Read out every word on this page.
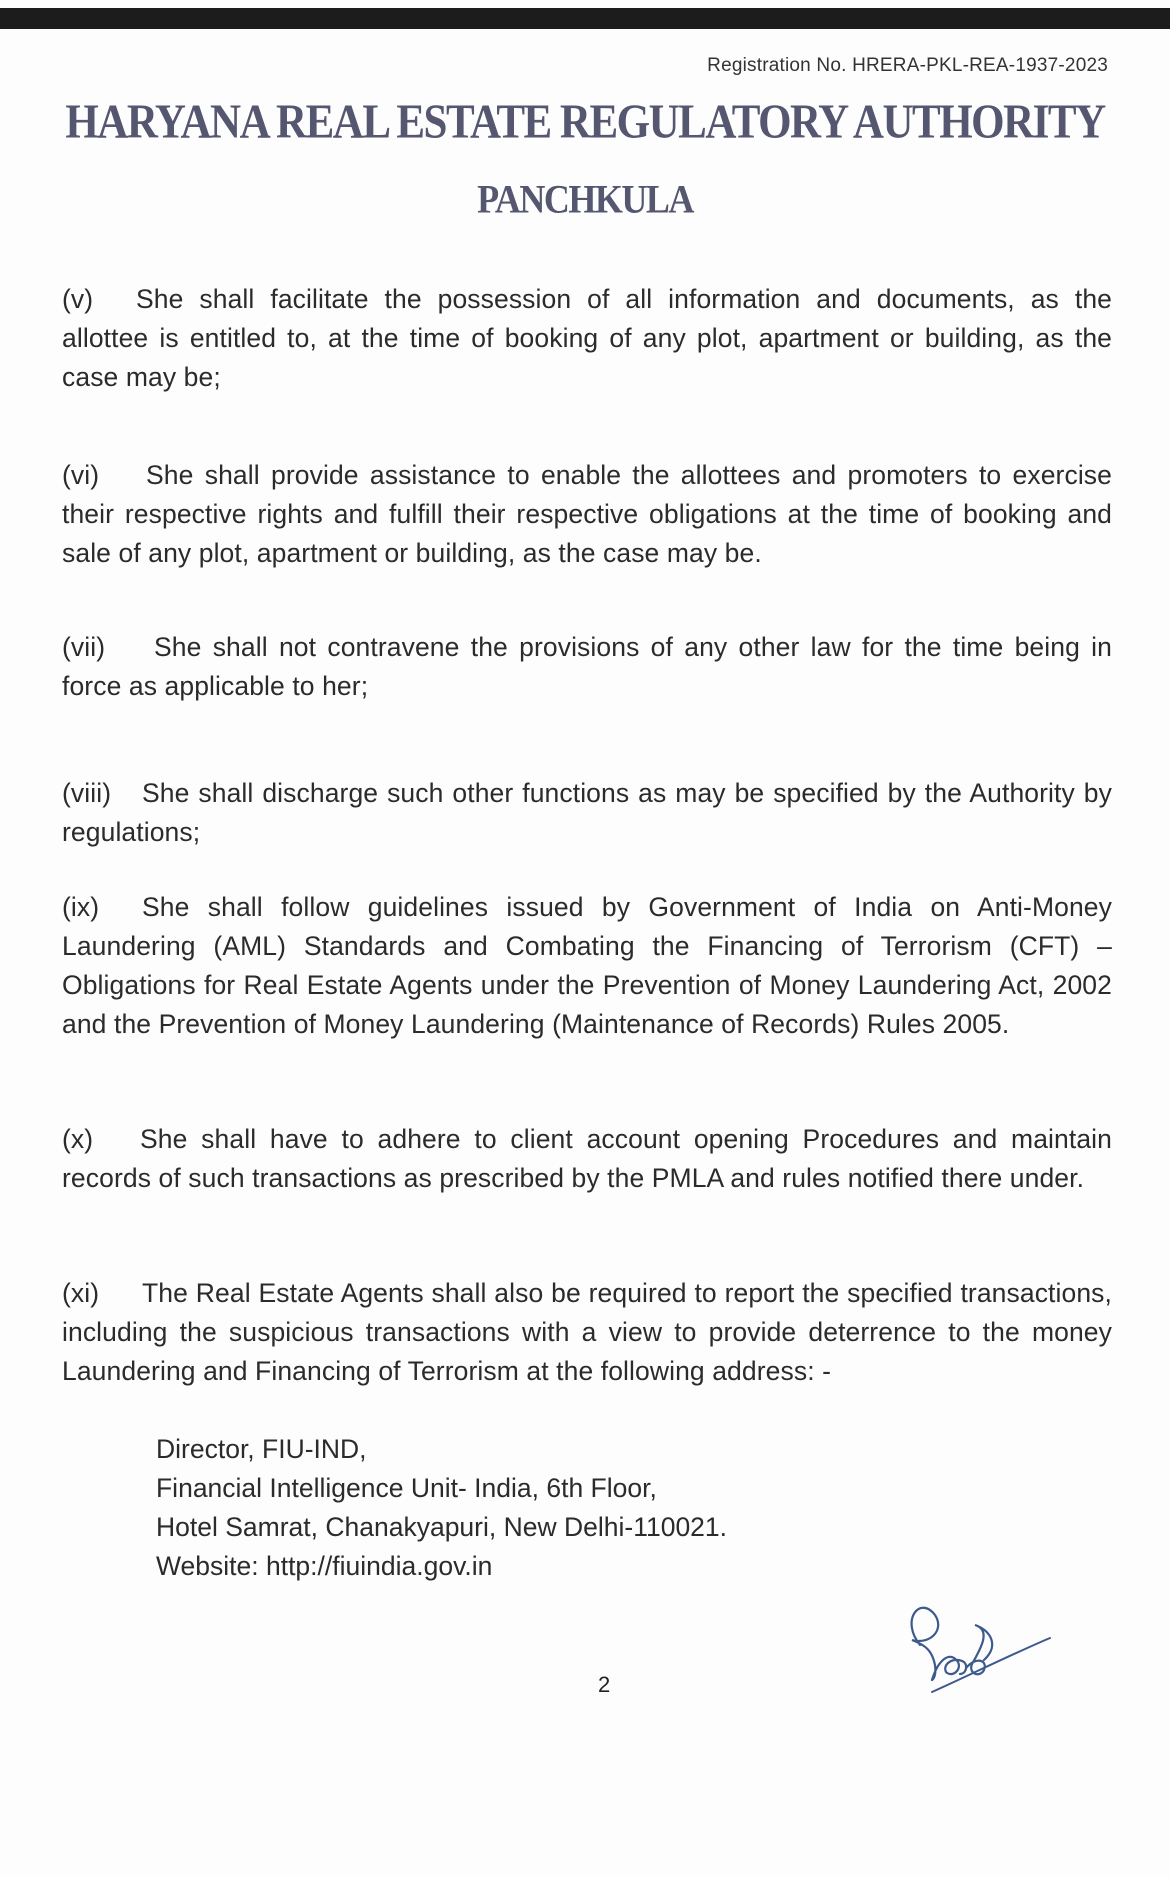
Registration No. HRERA-PKL-REA-1937-2023
HARYANA REAL ESTATE REGULATORY AUTHORITY
PANCHKULA
(v) She shall facilitate the possession of all information and documents, as the allottee is entitled to, at the time of booking of any plot, apartment or building, as the case may be;
(vi) She shall provide assistance to enable the allottees and promoters to exercise their respective rights and fulfill their respective obligations at the time of booking and sale of any plot, apartment or building, as the case may be.
(vii) She shall not contravene the provisions of any other law for the time being in force as applicable to her;
(viii) She shall discharge such other functions as may be specified by the Authority by regulations;
(ix) She shall follow guidelines issued by Government of India on Anti-Money Laundering (AML) Standards and Combating the Financing of Terrorism (CFT) – Obligations for Real Estate Agents under the Prevention of Money Laundering Act, 2002 and the Prevention of Money Laundering (Maintenance of Records) Rules 2005.
(x) She shall have to adhere to client account opening Procedures and maintain records of such transactions as prescribed by the PMLA and rules notified there under.
(xi) The Real Estate Agents shall also be required to report the specified transactions, including the suspicious transactions with a view to provide deterrence to the money Laundering and Financing of Terrorism at the following address: -
Director, FIU-IND,
Financial Intelligence Unit- India, 6th Floor,
Hotel Samrat, Chanakyapuri, New Delhi-110021.
Website: http://fiuindia.gov.in
2
